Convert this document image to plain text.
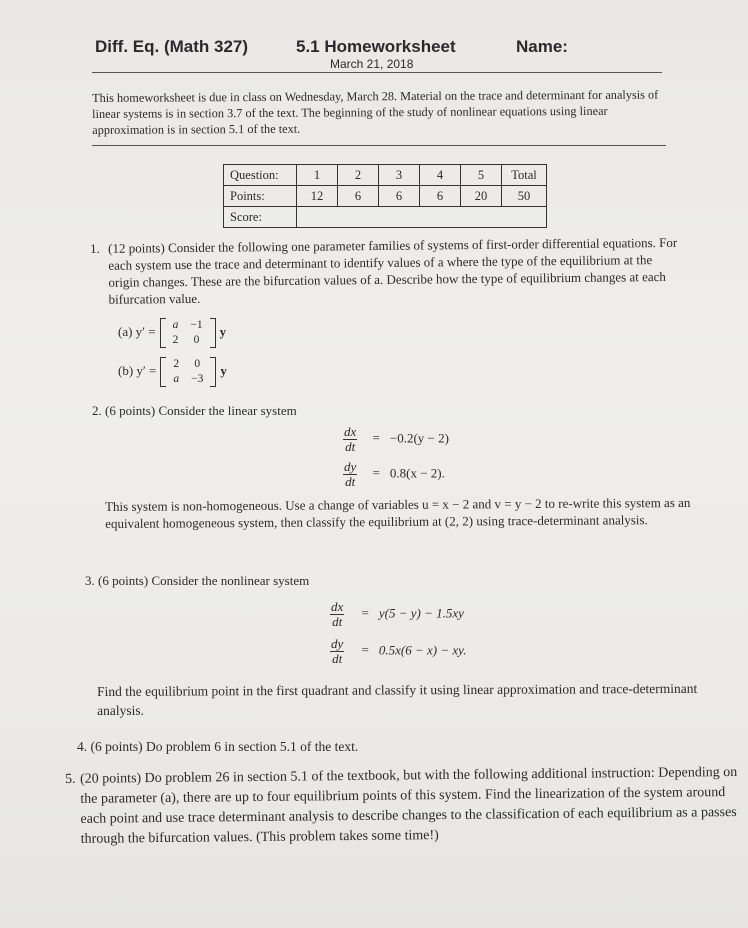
Diff. Eq. (Math 327)	5.1 Homeworksheet	Name:
March 21, 2018
This homeworksheet is due in class on Wednesday, March 28. Material on the trace and determinant for analysis of linear systems is in section 3.7 of the text. The beginning of the study of nonlinear equations using linear approximation is in section 5.1 of the text.
Question:	1	2	3	4	5	Total
Points:	12	6	6	6	20	50
Score:						
1. (12 points) Consider the following one parameter families of systems of first-order differential equations. For each system use the trace and determinant to identify values of a where the type of the equilibrium at the origin changes. These are the bifurcation values of a. Describe how the type of equilibrium changes at each bifurcation value.
(a) y′ = a	−1
2	0
y
(b) y′ = 2	0
a	−3
y
2. (6 points) Consider the linear system
$\frac{dx}{dt} = -0.2(y - 2)$
$\frac{dy}{dt} = 0.8(x - 2)$.
This system is non-homogeneous. Use a change of variables u = x − 2 and v = y − 2 to re-write this system as an equivalent homogeneous system, then classify the equilibrium at (2, 2) using trace-determinant analysis.
3. (6 points) Consider the nonlinear system
$\frac{dx}{dt} = y(5 - y) - 1.5xy$
$\frac{dy}{dt} = 0.5x(6 - x)$ − xy.
Find the equilibrium point in the first quadrant and classify it using linear approximation and trace-determinant analysis.
4. (6 points) Do problem 6 in section 5.1 of the text.
5. (20 points) Do problem 26 in section 5.1 of the textbook, but with the following additional instruction: Depending on the parameter (a), there are up to four equilibrium points of this system. Find the linearization of the system around each point and use trace determinant analysis to describe changes to the classification of each equilibrium as a passes through the bifurcation values. (This problem takes some time!)
